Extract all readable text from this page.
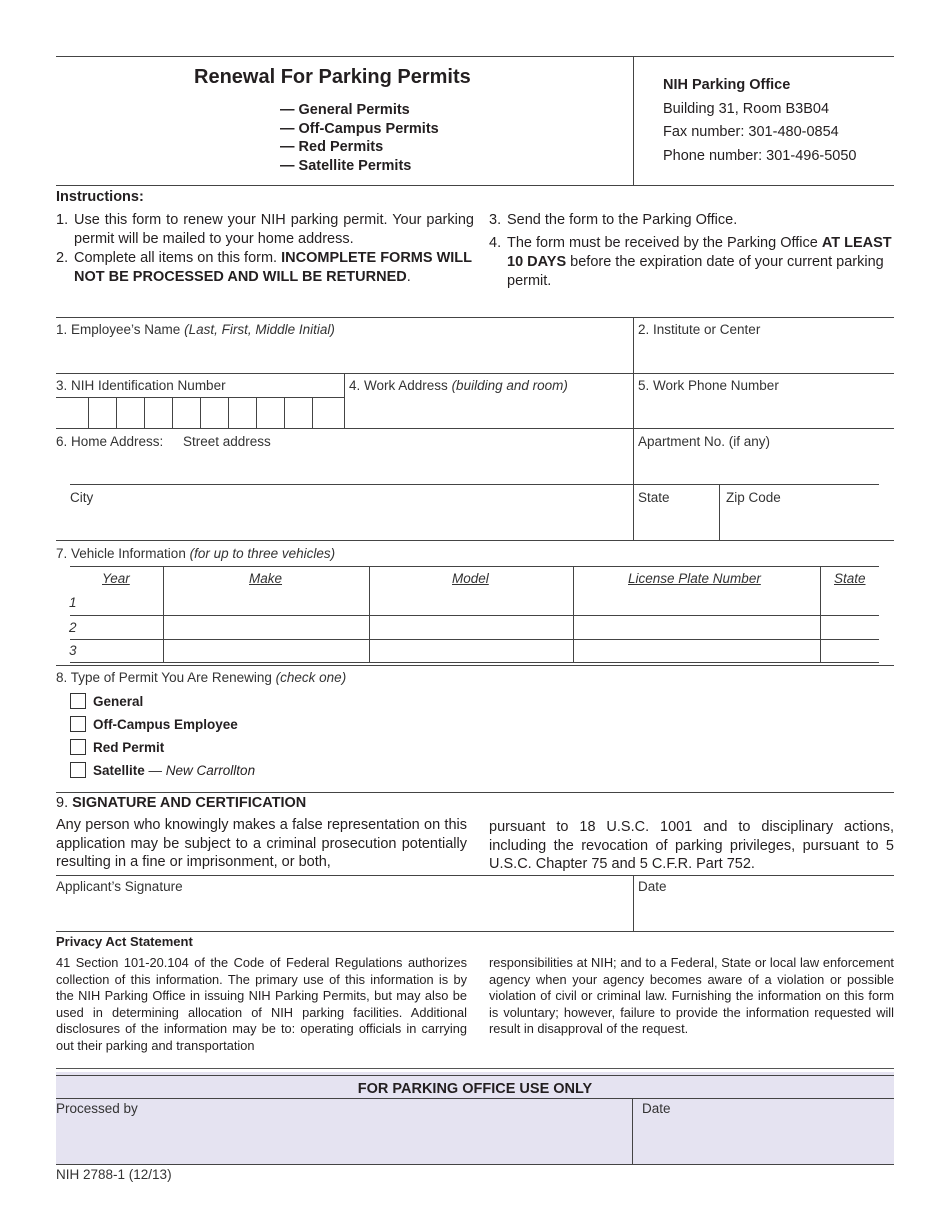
Renewal For Parking Permits
— General Permits
— Off-Campus Permits
— Red Permits
— Satellite Permits
NIH Parking Office
Building 31, Room B3B04
Fax number: 301-480-0854
Phone number: 301-496-5050
Instructions:

1. Use this form to renew your NIH parking permit. Your parking permit will be mailed to your home address.

2. Complete all items on this form. INCOMPLETE FORMS WILL NOT BE PROCESSED AND WILL BE RETURNED.

3. Send the form to the Parking Office.

4. The form must be received by the Parking Office AT LEAST 10 DAYS before the expiration date of your current parking permit.

1. Employee’s Name (Last, First, Middle Initial)	2. Institute or Center
3. NIH Identification Number	4. Work Address (building and room)	5. Work Phone Number
6. Home Address: Street address	Apartment No. (if any)
City	State	Zip Code
7. Vehicle Information (for up to three vehicles)
Year	Make	Model	License Plate Number	State
1
2
3
8. Type of Permit You Are Renewing (check one)
General
Off-Campus Employee
Red Permit
Satellite — New Carrollton
9. SIGNATURE AND CERTIFICATION
Any person who knowingly makes a false representation on this application may be subject to a criminal prosecution potentially resulting in a fine or imprisonment, or both,
pursuant to 18 U.S.C. 1001 and to disciplinary actions, including the revocation of parking privileges, pursuant to 5 U.S.C. Chapter 75 and 5 C.F.R. Part 752.
Applicant’s Signature	Date
Privacy Act Statement
41 Section 101-20.104 of the Code of Federal Regulations authorizes collection of this information. The primary use of this information is by the NIH Parking Office in issuing NIH Parking Permits, but may also be used in determining allocation of NIH parking facilities. Additional disclosures of the information may be to: operating officials in carrying out their parking and transportation
responsibilities at NIH; and to a Federal, State or local law enforcement agency when your agency becomes aware of a violation or possible violation of civil or criminal law. Furnishing the information on this form is voluntary; however, failure to provide the information requested will result in disapproval of the request.
FOR PARKING OFFICE USE ONLY
Processed by	Date
NIH 2788-1 (12/13)
